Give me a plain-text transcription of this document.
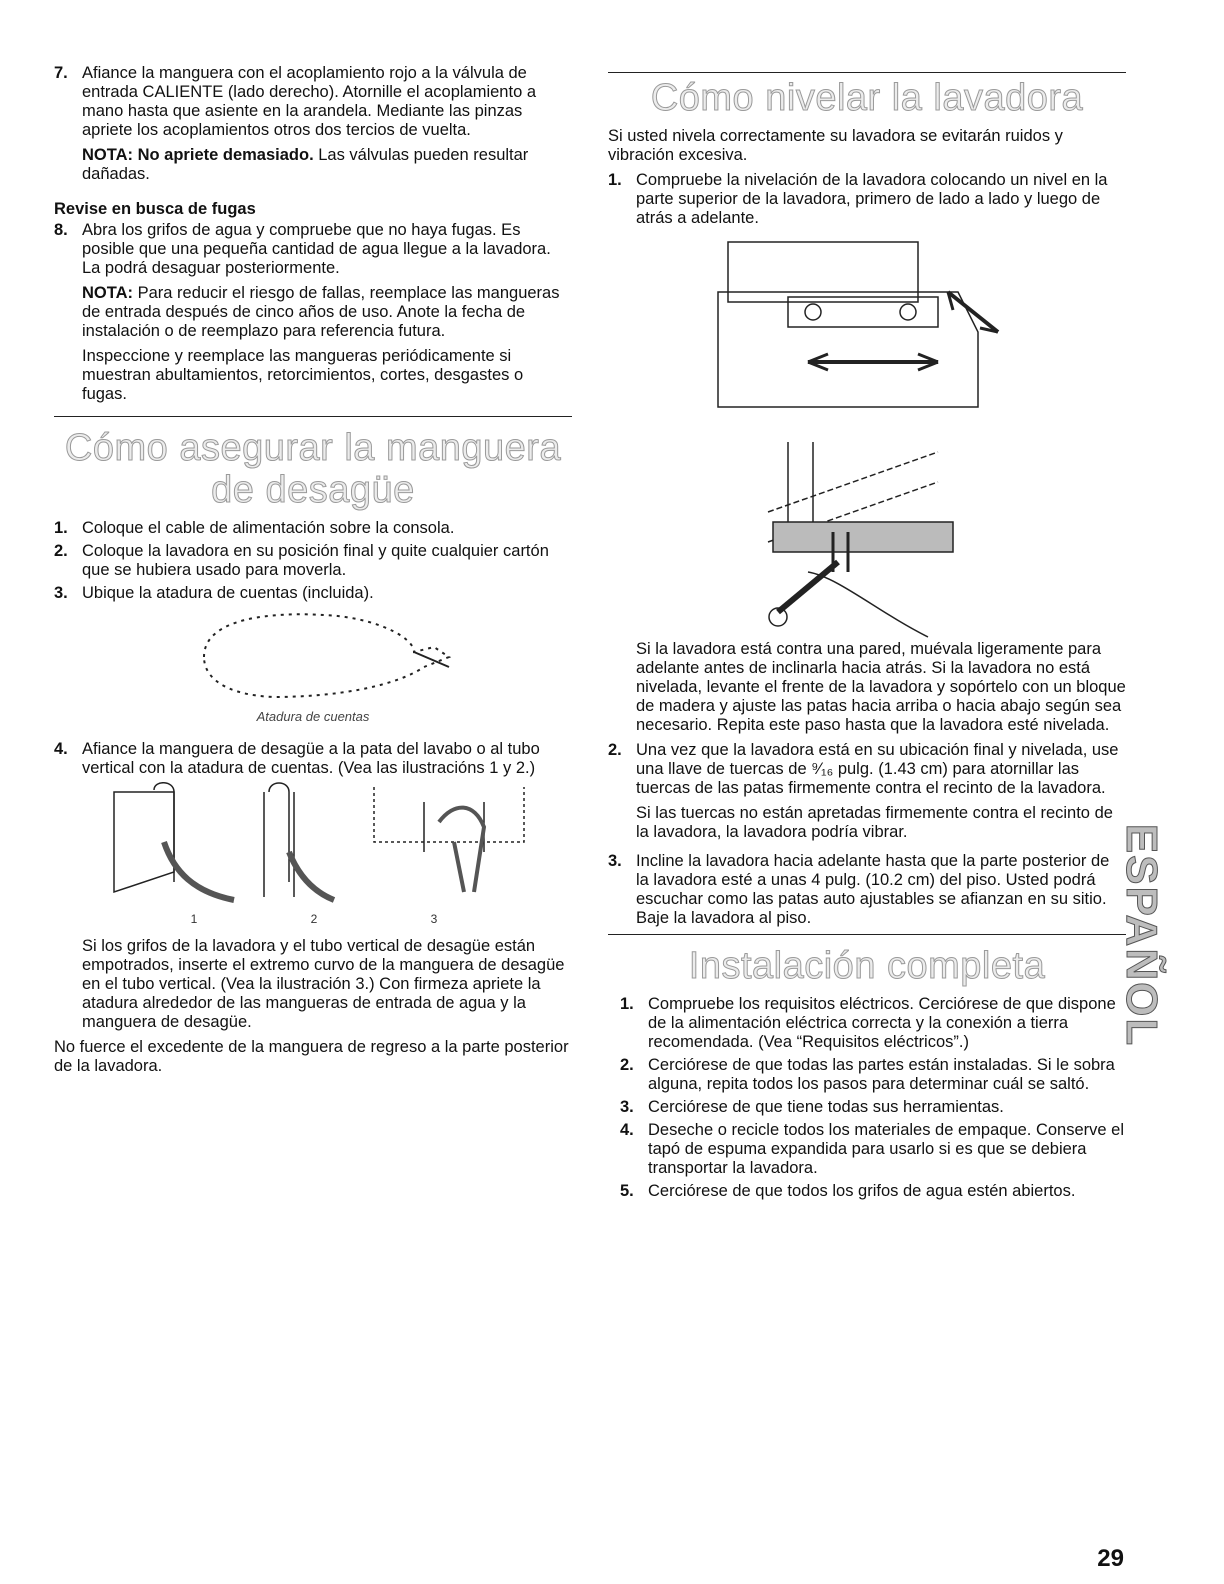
7. Afiance la manguera con el acoplamiento rojo a la válvula de entrada CALIENTE (lado derecho). Atornille el acoplamiento a mano hasta que asiente en la arandela. Mediante las pinzas apriete los acoplamientos otros dos tercios de vuelta.

NOTA: No apriete demasiado. Las válvulas pueden resultar dañadas.

Revise en busca de fugas
8. Abra los grifos de agua y compruebe que no haya fugas. Es posible que una pequeña cantidad de agua llegue a la lavadora. La podrá desaguar posteriormente.

NOTA: Para reducir el riesgo de fallas, reemplace las mangueras de entrada después de cinco años de uso. Anote la fecha de instalación o de reemplazo para referencia futura.

Inspeccione y reemplace las mangueras periódicamente si muestran abultamientos, retorcimientos, cortes, desgastes o fugas.

Cómo asegurar la manguera de desagüe
1. Coloque el cable de alimentación sobre la consola.
2. Coloque la lavadora en su posición final y quite cualquier cartón que se hubiera usado para moverla.
3. Ubique la atadura de cuentas (incluida).
Atadura de cuentas
4. Afiance la manguera de desagüe a la pata del lavabo o al tubo vertical con la atadura de cuentas. (Vea las ilustracións 1 y 2.)
1	2	3

Si los grifos de la lavadora y el tubo vertical de desagüe están empotrados, inserte el extremo curvo de la manguera de desagüe en el tubo vertical. (Vea la ilustración 3.) Con firmeza apriete la atadura alrededor de las mangueras de entrada de agua y la manguera de desagüe.

No fuerce el excedente de la manguera de regreso a la parte posterior de la lavadora.

Cómo nivelar la lavadora

Si usted nivela correctamente su lavadora se evitarán ruidos y vibración excesiva.

1. Compruebe la nivelación de la lavadora colocando un nivel en la parte superior de la lavadora, primero de lado a lado y luego de atrás a adelante.

Si la lavadora está contra una pared, muévala ligeramente para adelante antes de inclinarla hacia atrás. Si la lavadora no está nivelada, levante el frente de la lavadora y sopórtelo con un bloque de madera y ajuste las patas hacia arriba o hacia abajo según sea necesario. Repita este paso hasta que la lavadora esté nivelada.

2. Una vez que la lavadora está en su ubicación final y nivelada, use una llave de tuercas de ⁹⁄₁₆ pulg. (1.43 cm) para atornillar las tuercas de las patas firmemente contra el recinto de la lavadora.

Si las tuercas no están apretadas firmemente contra el recinto de la lavadora, la lavadora podría vibrar.

3. Incline la lavadora hacia adelante hasta que la parte posterior de la lavadora esté a unas 4 pulg. (10.2 cm) del piso. Usted podrá escuchar como las patas auto ajustables se afianzan en su sitio. Baje la lavadora al piso.
Instalación completa
1. Compruebe los requisitos eléctricos. Cerciórese de que dispone de la alimentación eléctrica correcta y la conexión a tierra recomendada. (Vea “Requisitos eléctricos”.)
2. Cerciórese de que todas las partes están instaladas. Si le sobra alguna, repita todos los pasos para determinar cuál se saltó.
3. Cerciórese de que tiene todas sus herramientas.
4. Deseche o recicle todos los materiales de empaque. Conserve el tapó de espuma expandida para usarlo si es que se debiera transportar la lavadora.
5. Cerciórese de que todos los grifos de agua estén abiertos.
ESPAÑOL
29
